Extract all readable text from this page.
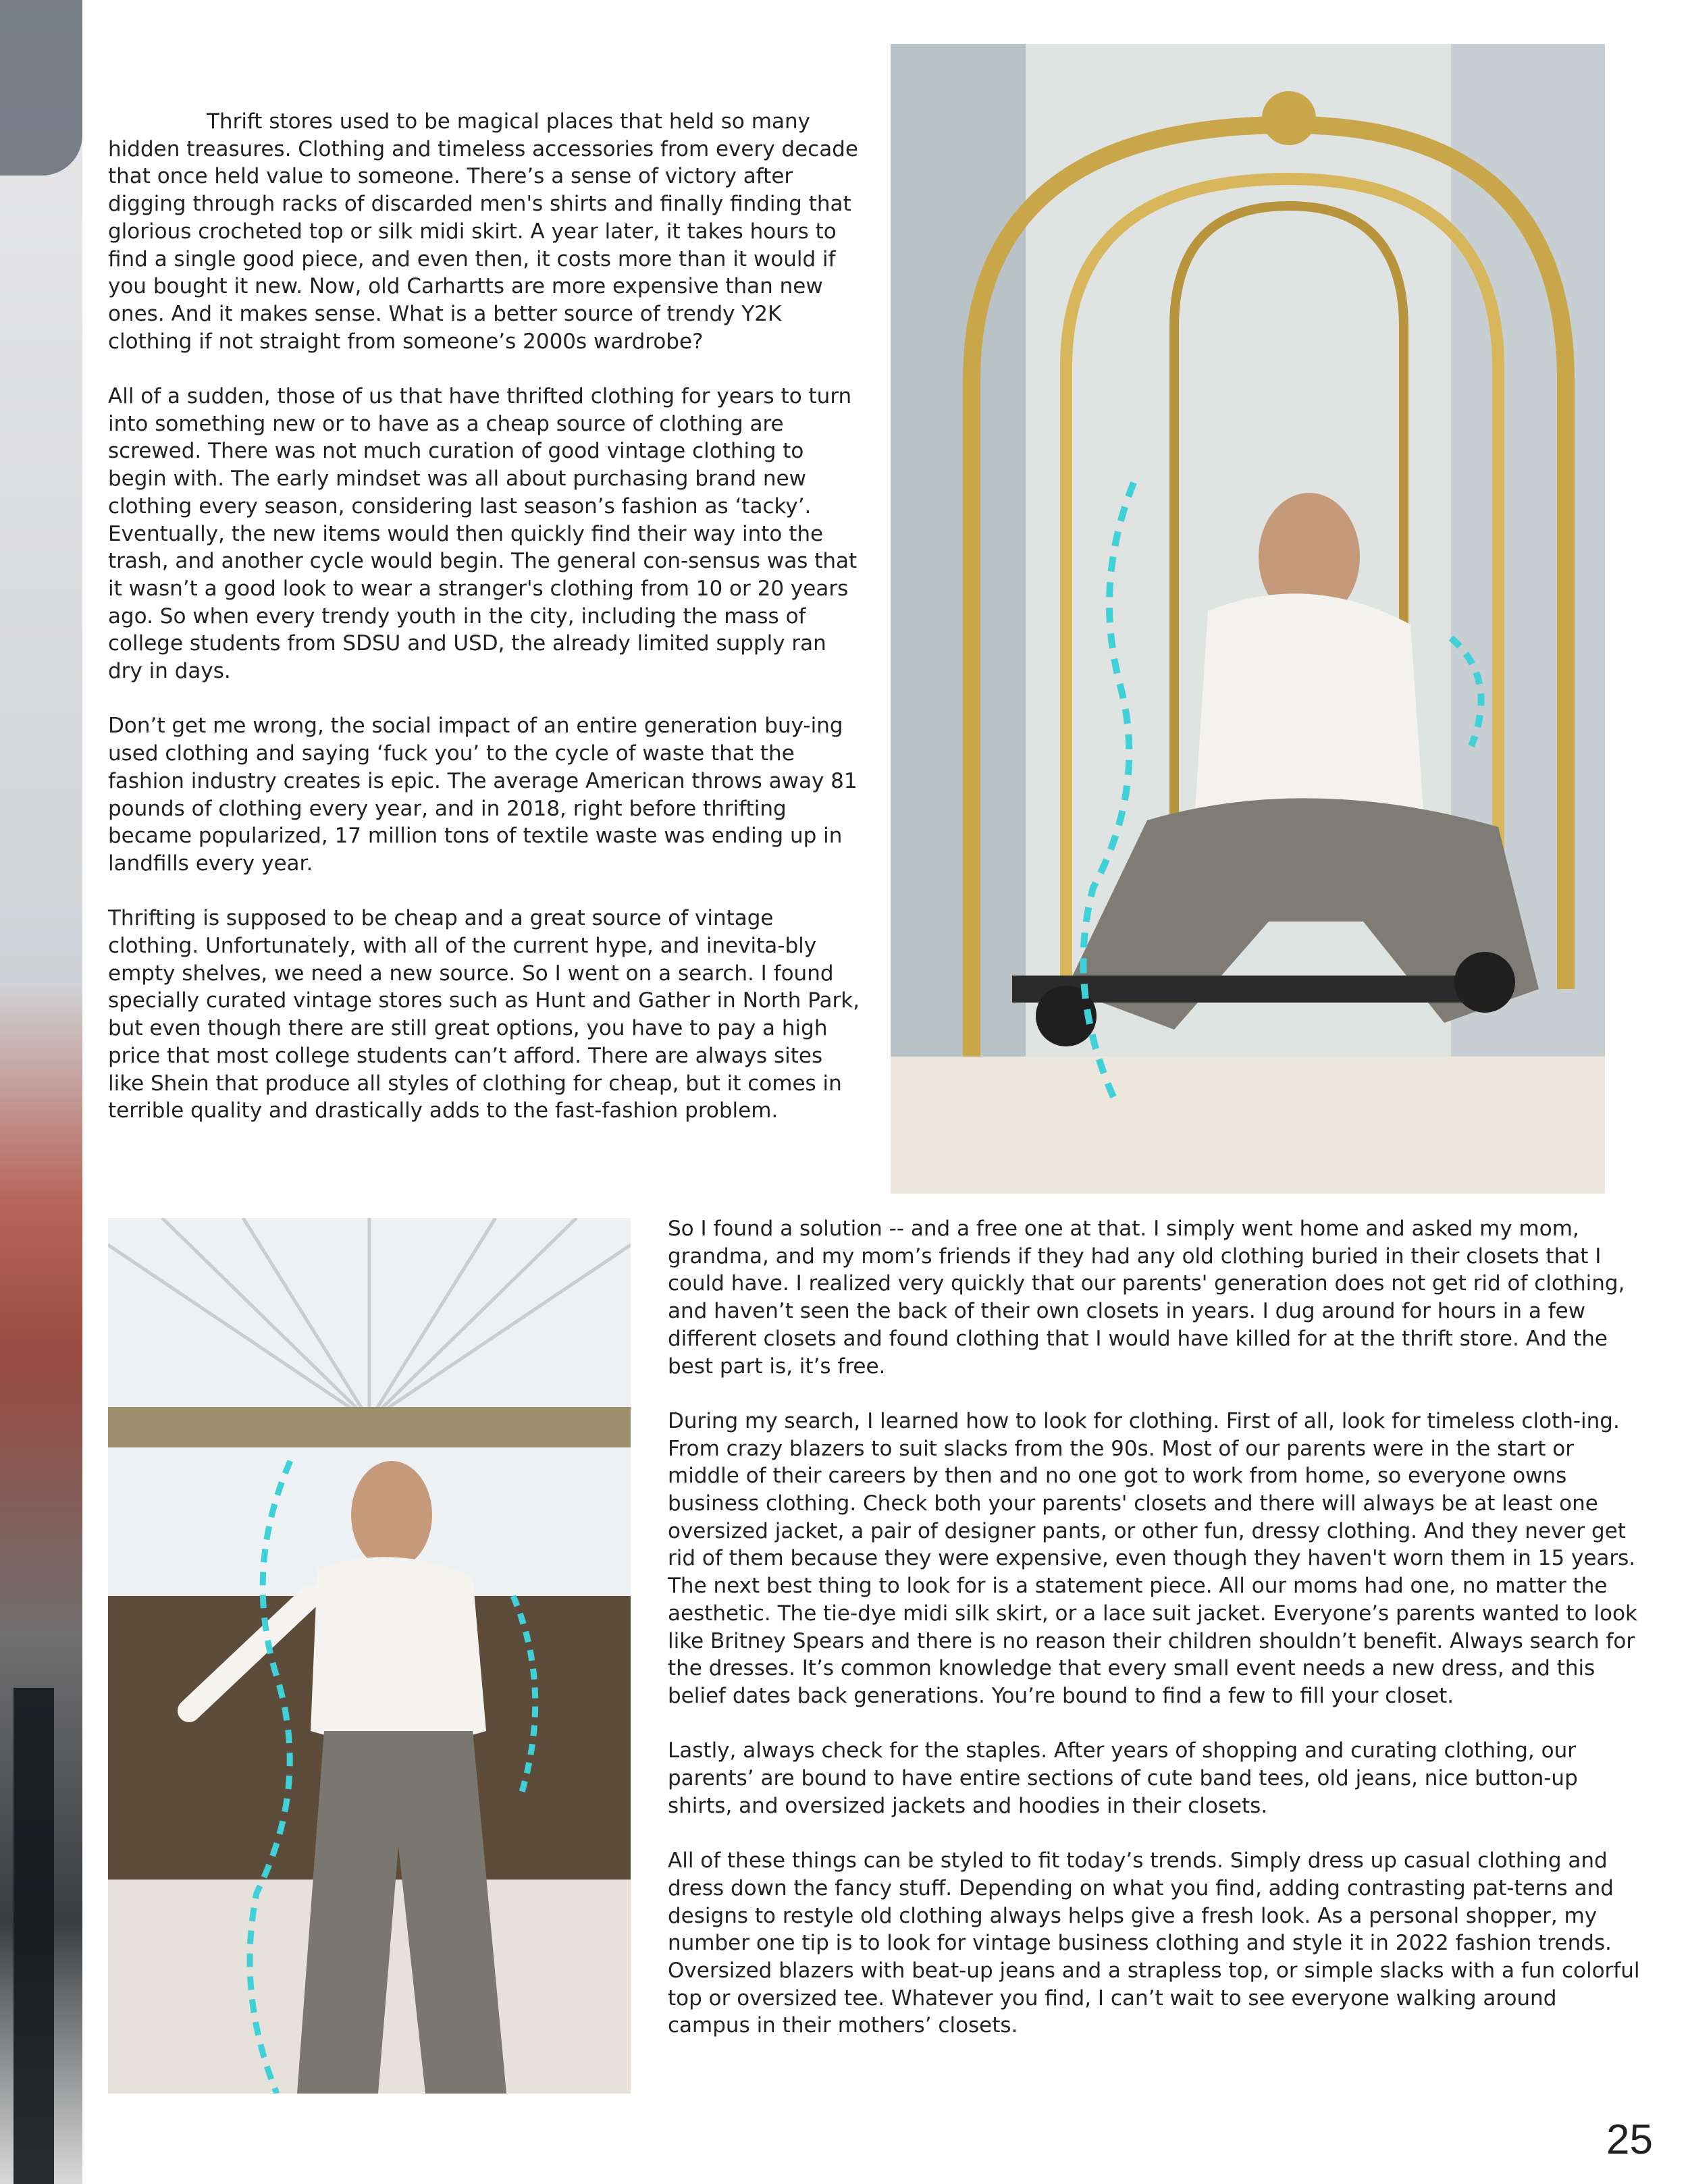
Thrift stores used to be magical places that held so many hidden treasures. Clothing and timeless accessories from every decade that once held value to someone. There’s a sense of victory after digging through racks of discarded men's shirts and finally finding that glorious crocheted top or silk midi skirt. A year later, it takes hours to find a single good piece, and even then, it costs more than it would if you bought it new. Now, old Carhartts are more expensive than new ones. And it makes sense. What is a better source of trendy Y2K clothing if not straight from someone’s 2000s wardrobe?

All of a sudden, those of us that have thrifted clothing for years to turn into something new or to have as a cheap source of clothing are screwed. There was not much curation of good vintage clothing to begin with. The early mindset was all about purchasing brand new clothing every season, considering last season’s fashion as ‘tacky’. Eventually, the new items would then quickly find their way into the trash, and another cycle would begin. The general con-sensus was that it wasn’t a good look to wear a stranger's clothing from 10 or 20 years ago. So when every trendy youth in the city, including the mass of college students from SDSU and USD, the already limited supply ran dry in days.

Don’t get me wrong, the social impact of an entire generation buy-ing used clothing and saying ‘fuck you’ to the cycle of waste that the fashion industry creates is epic. The average American throws away 81 pounds of clothing every year, and in 2018, right before thrifting became popularized, 17 million tons of textile waste was ending up in landfills every year.

Thrifting is supposed to be cheap and a great source of vintage clothing. Unfortunately, with all of the current hype, and inevita-bly empty shelves, we need a new source. So I went on a search. I found specially curated vintage stores such as Hunt and Gather in North Park, but even though there are still great options, you have to pay a high price that most college students can’t afford. There are always sites like Shein that produce all styles of clothing for cheap, but it comes in terrible quality and drastically adds to the fast-fashion problem.

So I found a solution -- and a free one at that. I simply went home and asked my mom, grandma, and my mom’s friends if they had any old clothing buried in their closets that I could have. I realized very quickly that our parents' generation does not get rid of clothing, and haven’t seen the back of their own closets in years. I dug around for hours in a few different closets and found clothing that I would have killed for at the thrift store. And the best part is, it’s free.

During my search, I learned how to look for clothing. First of all, look for timeless cloth-ing. From crazy blazers to suit slacks from the 90s. Most of our parents were in the start or middle of their careers by then and no one got to work from home, so everyone owns business clothing. Check both your parents' closets and there will always be at least one oversized jacket, a pair of designer pants, or other fun, dressy clothing. And they never get rid of them because they were expensive, even though they haven't worn them in 15 years. The next best thing to look for is a statement piece. All our moms had one, no matter the aesthetic. The tie-dye midi silk skirt, or a lace suit jacket. Everyone’s parents wanted to look like Britney Spears and there is no reason their children shouldn’t benefit. Always search for the dresses. It’s common knowledge that every small event needs a new dress, and this belief dates back generations. You’re bound to find a few to fill your closet.

Lastly, always check for the staples. After years of shopping and curating clothing, our parents’ are bound to have entire sections of cute band tees, old jeans, nice button-up shirts, and oversized jackets and hoodies in their closets.

All of these things can be styled to fit today’s trends. Simply dress up casual clothing and dress down the fancy stuff. Depending on what you find, adding contrasting pat-terns and designs to restyle old clothing always helps give a fresh look. As a personal shopper, my number one tip is to look for vintage business clothing and style it in 2022 fashion trends. Oversized blazers with beat-up jeans and a strapless top, or simple slacks with a fun colorful top or oversized tee. Whatever you find, I can’t wait to see everyone walking around campus in their mothers’ closets.

25
